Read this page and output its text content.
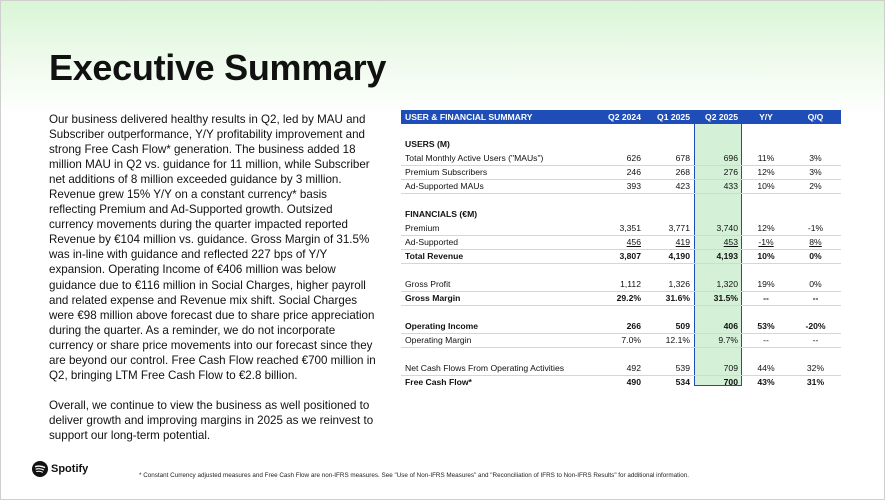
Executive Summary

Our business delivered healthy results in Q2, led by MAU and Subscriber outperformance, Y/Y profitability improvement and strong Free Cash Flow* generation. The business added 18 million MAU in Q2 vs. guidance for 11 million, while Subscriber net additions of 8 million exceeded guidance by 3 million. Revenue grew 15% Y/Y on a constant currency* basis reflecting Premium and Ad-Supported growth. Outsized currency movements during the quarter impacted reported Revenue by €104 million vs. guidance. Gross Margin of 31.5% was in-line with guidance and reflected 227 bps of Y/Y expansion. Operating Income of €406 million was below guidance due to €116 million in Social Charges, higher payroll and related expense and Revenue mix shift. Social Charges were €98 million above forecast due to share price appreciation during the quarter. As a reminder, we do not incorporate currency or share price movements into our forecast since they are beyond our control. Free Cash Flow reached €700 million in Q2, bringing LTM Free Cash Flow to €2.8 billion.

Overall, we continue to view the business as well positioned to deliver growth and improving margins in 2025 as we reinvest to support our long-term potential.

USER & FINANCIAL SUMMARY	Q2 2024	Q1 2025	Q2 2025	Y/Y	Q/Q

USERS (M)					
Total Monthly Active Users ("MAUs")	626	678	696	11%	3%
Premium Subscribers	246	268	276	12%	3%
Ad-Supported MAUs	393	423	433	10%	2%

FINANCIALS (€M)					
Premium	3,351	3,771	3,740	12%	-1%
Ad-Supported	456	419	453	-1%	8%
Total Revenue	3,807	4,190	4,193	10%	0%

Gross Profit	1,112	1,326	1,320	19%	0%
Gross Margin	29.2%	31.6%	31.5%	--	--

Operating Income	266	509	406	53%	-20%
Operating Margin	7.0%	12.1%	9.7%	--	--

Net Cash Flows From Operating Activities	492	539	709	44%	32%
Free Cash Flow*	490	534	700	43%	31%
Spotify
* Constant Currency adjusted measures and Free Cash Flow are non-IFRS measures. See "Use of Non-IFRS Measures" and "Reconciliation of IFRS to Non-IFRS Results" for additional information.
